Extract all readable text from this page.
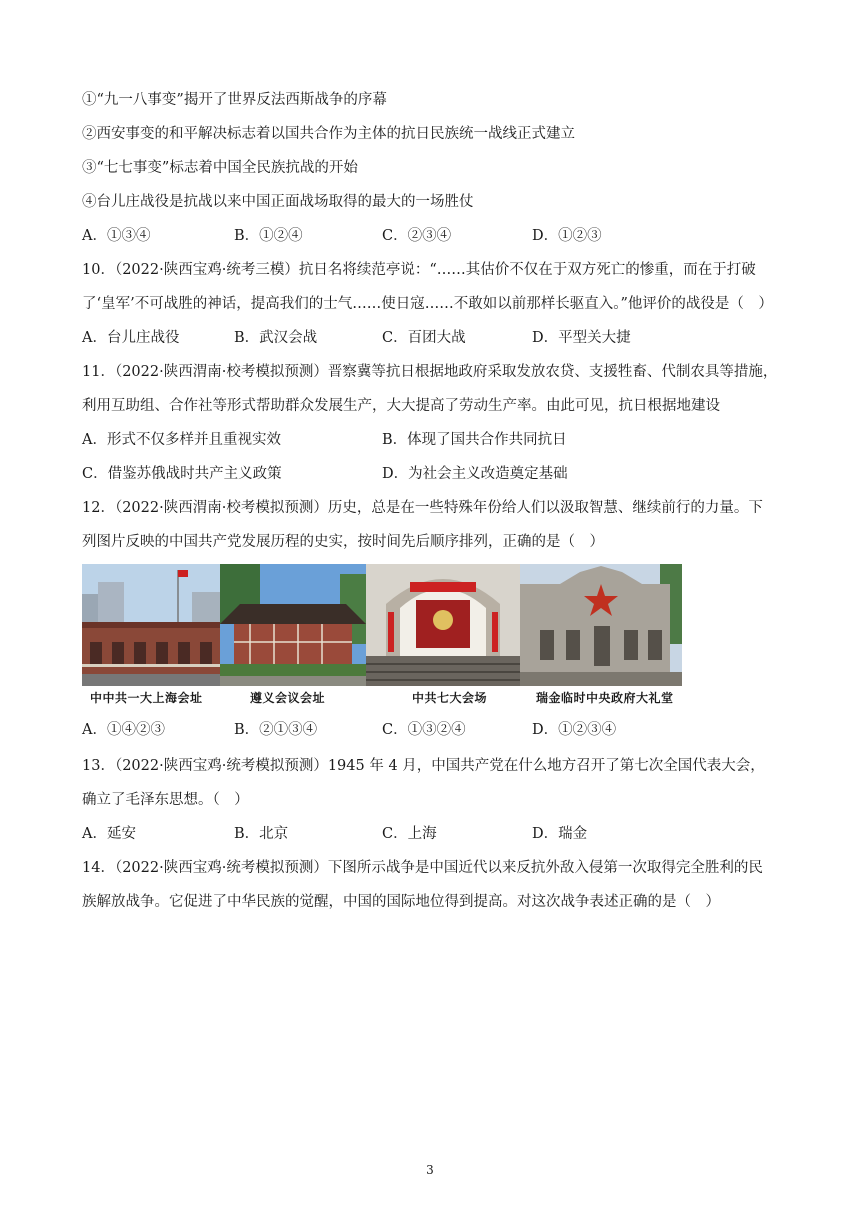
①“九一八事变”揭开了世界反法西斯战争的序幕
②西安事变的和平解决标志着以国共合作为主体的抗日民族统一战线正式建立
③“七七事变”标志着中国全民族抗战的开始
④台儿庄战役是抗战以来中国正面战场取得的最大的一场胜仗
A．①③④	B．①②④	C．②③④	D．①②③
10．（2022·陕西宝鸡·统考三模）抗日名将续范亭说：“……其估价不仅在于双方死亡的惨重，而在于打破
了‘皇军’不可战胜的神话，提高我们的士气……使日寇……不敢如以前那样长驱直入。”他评价的战役是（　）
A．台儿庄战役	B．武汉会战	C．百团大战	D．平型关大捷
11．（2022·陕西渭南·校考模拟预测）晋察冀等抗日根据地政府采取发放农贷、支援牲畜、代制农具等措施，
利用互助组、合作社等形式帮助群众发展生产，大大提高了劳动生产率。由此可见，抗日根据地建设
A．形式不仅多样并且重视实效	B．体现了国共合作共同抗日
C．借鉴苏俄战时共产主义政策	D．为社会主义改造奠定基础
12．（2022·陕西渭南·校考模拟预测）历史，总是在一些特殊年份给人们以汲取智慧、继续前行的力量。下
列图片反映的中国共产党发展历程的史实，按时间先后顺序排列，正确的是（　）
中中共一大上海会址	遵义会议会址	中共七大会场	瑞金临时中央政府大礼堂
A．①④②③	B．②①③④	C．①③②④	D．①②③④
13．（2022·陕西宝鸡·统考模拟预测）1945 年 4 月，中国共产党在什么地方召开了第七次全国代表大会，
确立了毛泽东思想。（　）
A．延安	B．北京	C．上海	D．瑞金
14．（2022·陕西宝鸡·统考模拟预测）下图所示战争是中国近代以来反抗外敌入侵第一次取得完全胜利的民
族解放战争。它促进了中华民族的觉醒，中国的国际地位得到提高。对这次战争表述正确的是（　）
3
